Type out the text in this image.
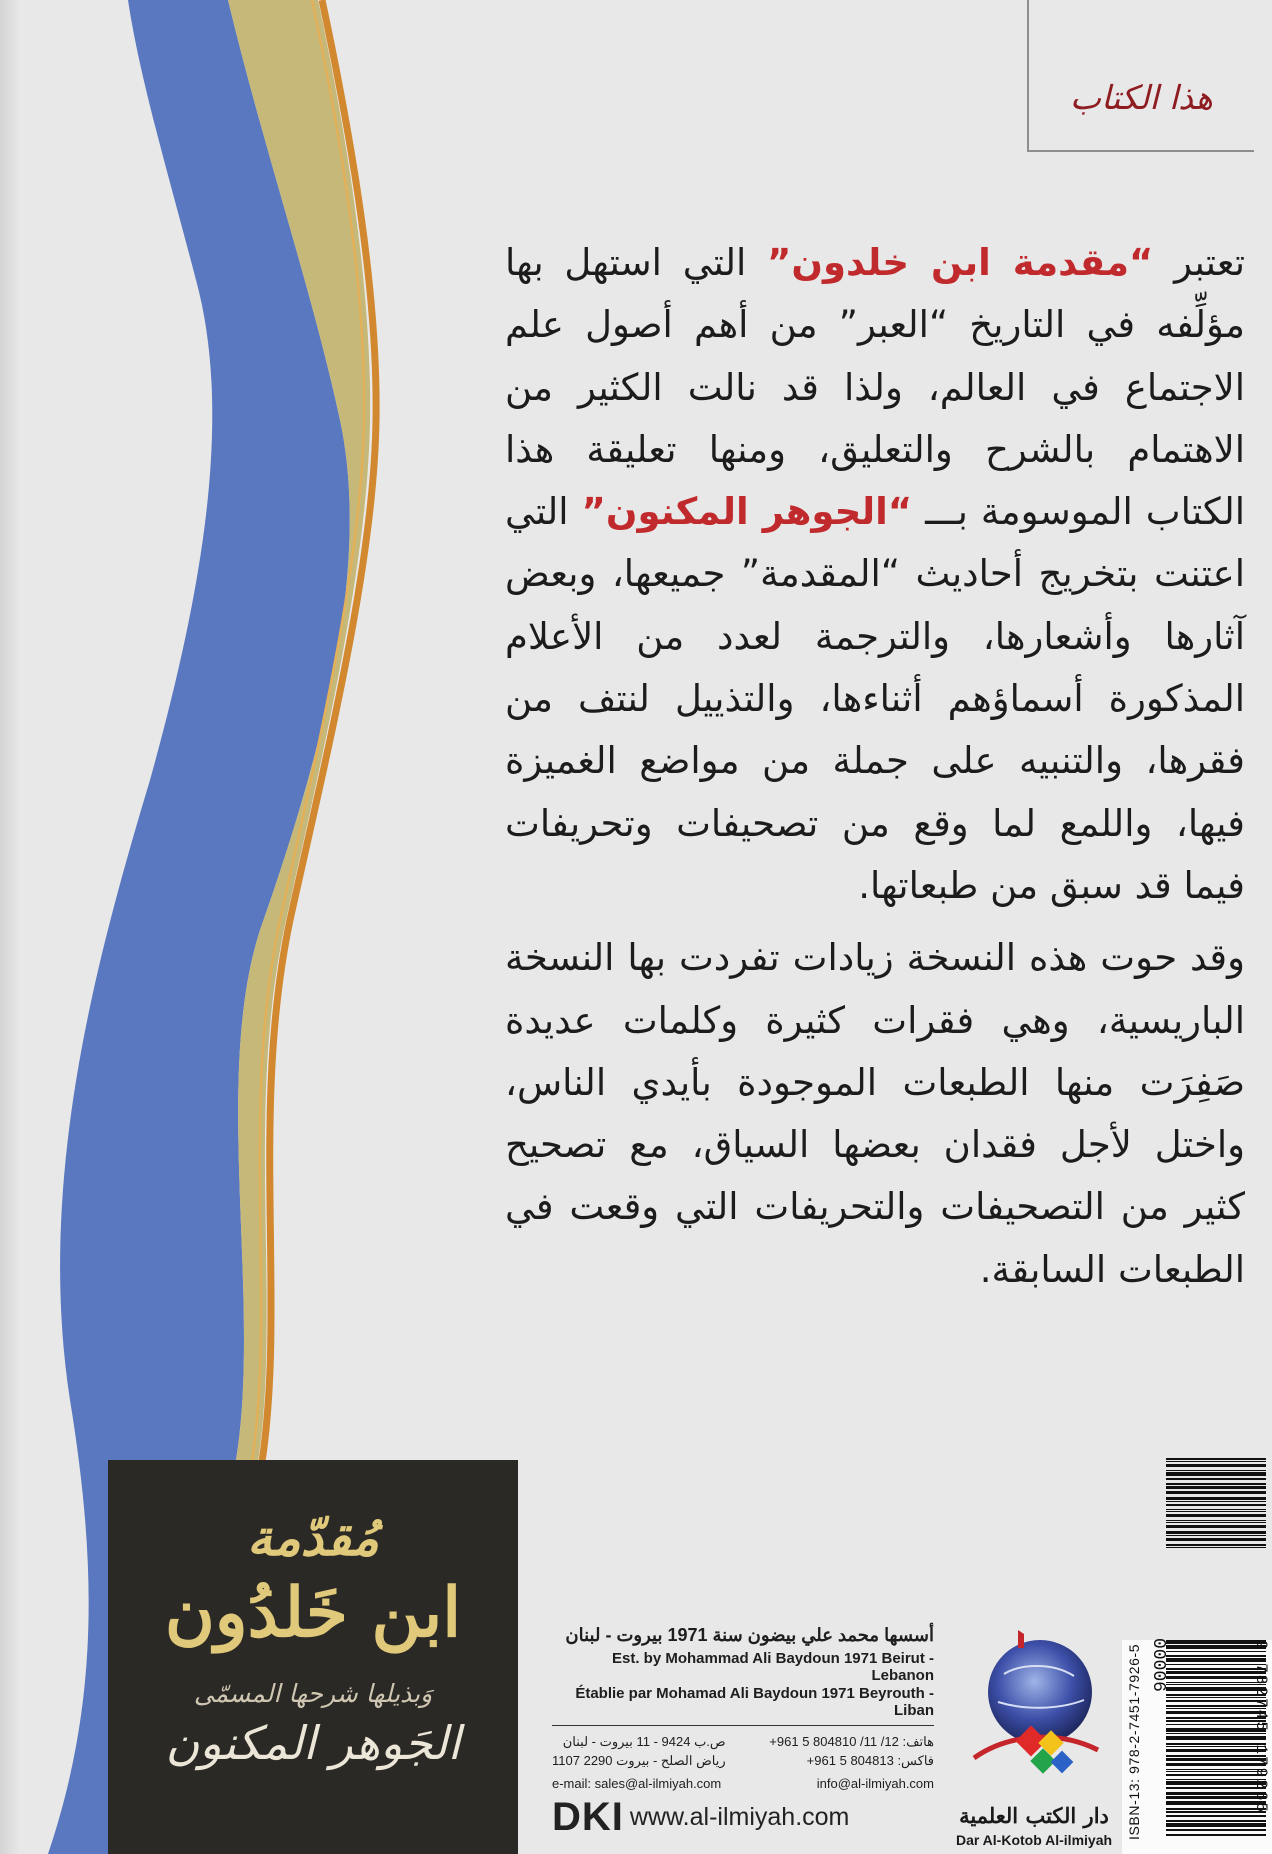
هذا الكتاب

تعتبر “مقدمة ابن خلدون” التي استهل بها مؤلِّفه في التاريخ “العبر” من أهم أصول علم الاجتماع في العالم، ولذا قد نالت الكثير من الاهتمام بالشرح والتعليق، ومنها تعليقة هذا الكتاب الموسومة بـــ “الجوهر المكنون” التي اعتنت بتخريج أحاديث “المقدمة” جميعها، وبعض آثارها وأشعارها، والترجمة لعدد من الأعلام المذكورة أسماؤهم أثناءها، والتذييل لنتف من فقرها، والتنبيه على جملة من مواضع الغميزة فيها، واللمع لما وقع من تصحيفات وتحريفات فيما قد سبق من طبعاتها.

وقد حوت هذه النسخة زيادات تفردت بها النسخة الباريسية، وهي فقرات كثيرة وكلمات عديدة صَفِرَت منها الطبعات الموجودة بأيدي الناس، واختل لأجل فقدان بعضها السياق، مع تصحيح كثير من التصحيفات والتحريفات التي وقعت في الطبعات السابقة.

مُقدّمة
ابن خَلدُون
وَبذيلها شرحها المسمّى
الجَوهر المكنون
أسسها محمد علي بيضون سنة 1971 بيروت - لبنان
Est. by Mohammad Ali Baydoun 1971 Beirut - Lebanon
Établie par Mohamad Ali Baydoun 1971 Beyrouth - Liban
هاتف: 12/ 11/ 804810 5 961+
فاكس: 804813 5 961+
ص.ب 9424 - 11 بيروت - لبنان
رياض الصلح - بيروت 2290 1107
e-mail: sales@al-ilmiyah.com	info@al-ilmiyah.com
DKI www.al-ilmiyah.com	دار الكتب العلمية
Dar Al-Kotob Al-ilmiyah ISBN-13: 978-2-7451-7926-5 90000	9 782745 179265
